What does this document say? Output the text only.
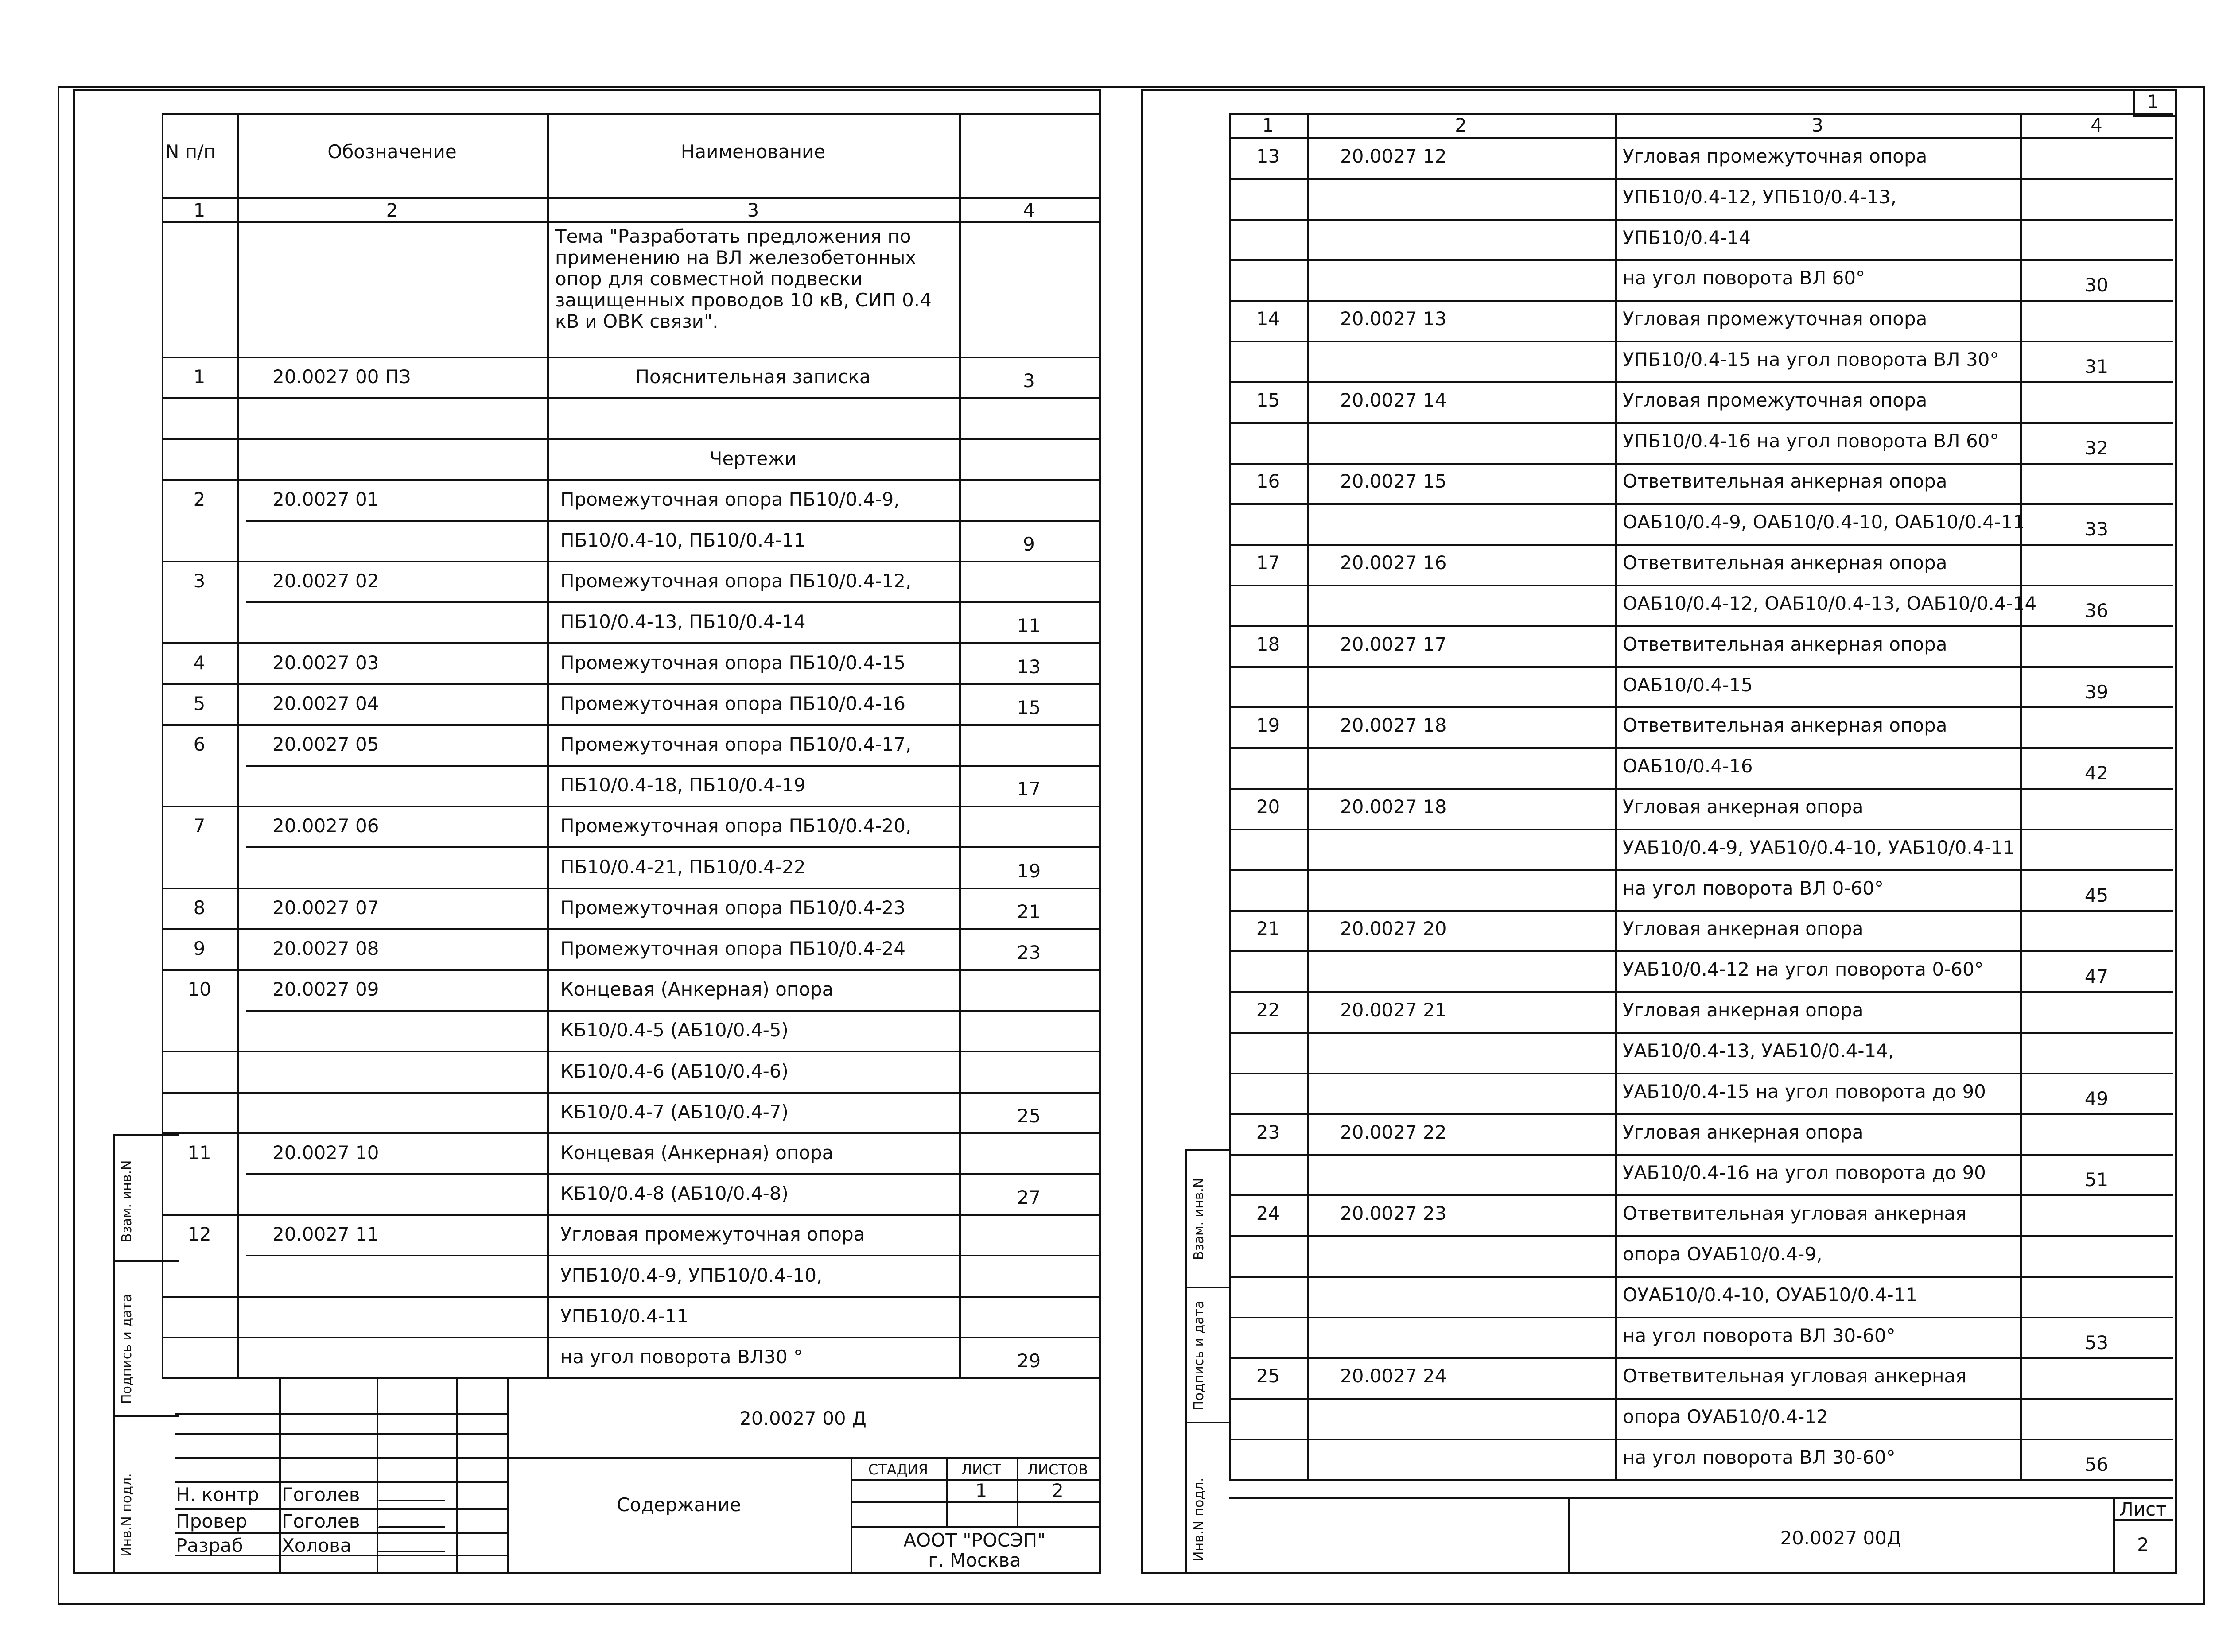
N п/п	Обозначение	Наименование
1	2	3	4
Тема "Разработать предложения по применению на ВЛ железобетонных опор для совместной подвески защищенных проводов 10 кВ, СИП 0.4 кВ и ОВК связи".
1	20.0027 00 ПЗ	Пояснительная записка	3
Чертежи
2	20.0027 01	Промежуточная опора ПБ10/0.4-9,
ПБ10/0.4-10, ПБ10/0.4-11	9
3	20.0027 02	Промежуточная опора ПБ10/0.4-12,
ПБ10/0.4-13, ПБ10/0.4-14	11
4	20.0027 03	Промежуточная опора ПБ10/0.4-15	13
5	20.0027 04	Промежуточная опора ПБ10/0.4-16	15
6	20.0027 05	Промежуточная опора ПБ10/0.4-17,
ПБ10/0.4-18, ПБ10/0.4-19	17
7	20.0027 06	Промежуточная опора ПБ10/0.4-20,
ПБ10/0.4-21, ПБ10/0.4-22	19
8	20.0027 07	Промежуточная опора ПБ10/0.4-23	21
9	20.0027 08	Промежуточная опора ПБ10/0.4-24	23
10	20.0027 09	Концевая (Анкерная) опора
КБ10/0.4-5 (АБ10/0.4-5)
КБ10/0.4-6 (АБ10/0.4-6)
КБ10/0.4-7 (АБ10/0.4-7)	25
11	20.0027 10	Концевая (Анкерная) опора
КБ10/0.4-8 (АБ10/0.4-8)	27
12	20.0027 11	Угловая промежуточная опора
УПБ10/0.4-9, УПБ10/0.4-10,
УПБ10/0.4-11
на угол поворота ВЛ30 °	29
Взам. инв.N
Подпись и дата
Инв.N подл.
20.0027 00 Д
Н. контр	Гоголев
Провер	Гоголев
Разраб	Холова
Содержание
СТАДИЯ	ЛИСТ	ЛИСТОВ
1	2
АООТ "РОСЭП"
г. Москва
1
1	2	3	4
13	20.0027 12	Угловая промежуточная опора
УПБ10/0.4-12, УПБ10/0.4-13,
УПБ10/0.4-14
на угол поворота ВЛ 60°	30
14	20.0027 13	Угловая промежуточная опора
УПБ10/0.4-15 на угол поворота ВЛ 30°	31
15	20.0027 14	Угловая промежуточная опора
УПБ10/0.4-16 на угол поворота ВЛ 60°	32
16	20.0027 15	Ответвительная анкерная опора
ОАБ10/0.4-9, ОАБ10/0.4-10, ОАБ10/0.4-11	33
17	20.0027 16	Ответвительная анкерная опора
ОАБ10/0.4-12, ОАБ10/0.4-13, ОАБ10/0.4-14	36
18	20.0027 17	Ответвительная анкерная опора
ОАБ10/0.4-15	39
19	20.0027 18	Ответвительная анкерная опора
ОАБ10/0.4-16	42
20	20.0027 18	Угловая анкерная опора
УАБ10/0.4-9, УАБ10/0.4-10, УАБ10/0.4-11
на угол поворота ВЛ 0-60°	45
21	20.0027 20	Угловая анкерная опора
УАБ10/0.4-12 на угол поворота 0-60°	47
22	20.0027 21	Угловая анкерная опора
УАБ10/0.4-13, УАБ10/0.4-14,
УАБ10/0.4-15 на угол поворота до 90	49
23	20.0027 22	Угловая анкерная опора
УАБ10/0.4-16 на угол поворота до 90	51
24	20.0027 23	Ответвительная угловая анкерная
опора ОУАБ10/0.4-9,
ОУАБ10/0.4-10, ОУАБ10/0.4-11
на угол поворота ВЛ 30-60°	53
25	20.0027 24	Ответвительная угловая анкерная
опора ОУАБ10/0.4-12
на угол поворота ВЛ 30-60°	56
Взам. инв.N
Подпись и дата
Инв.N подл.	20.0027 00Д
Лист
2
